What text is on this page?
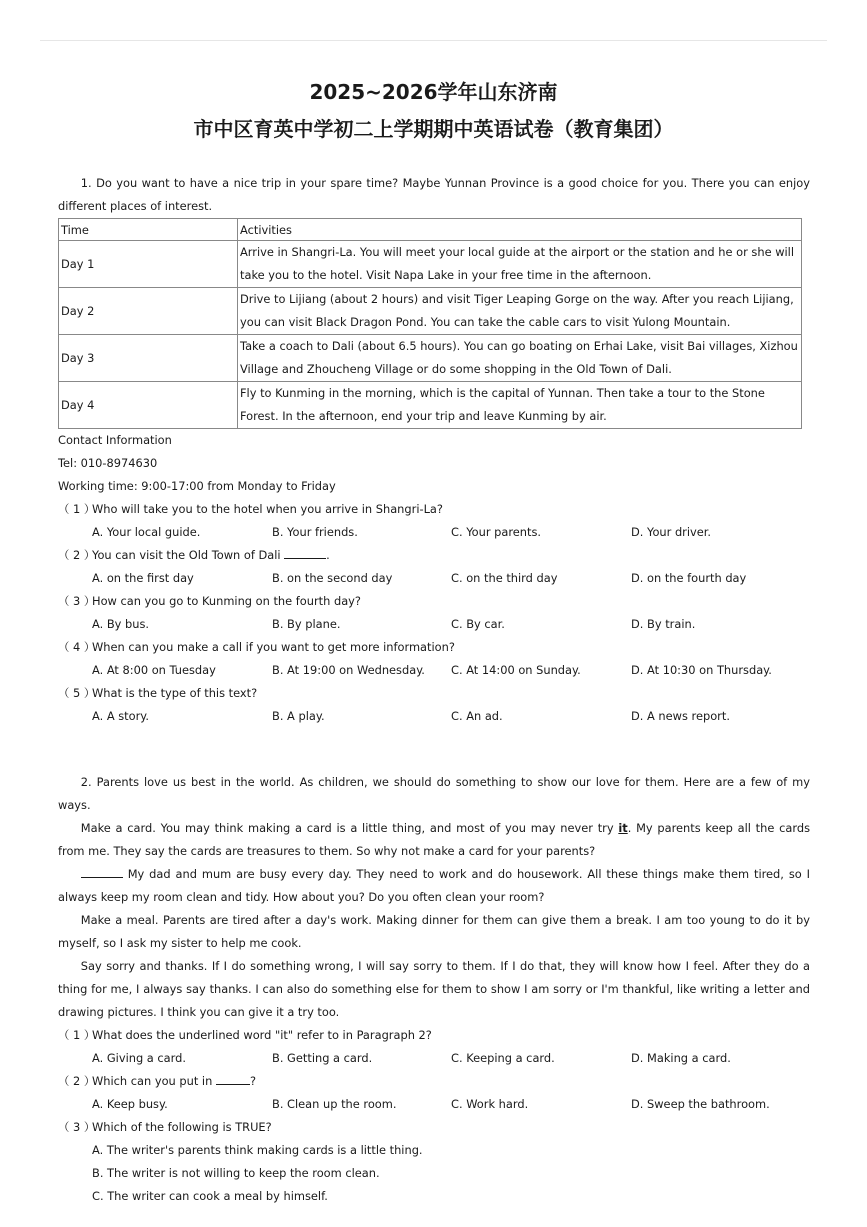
2025~2026学年山东济南
市中区育英中学初二上学期期中英语试卷（教育集团）

1. Do you want to have a nice trip in your spare time? Maybe Yunnan Province is a good choice for you. There you can enjoy different places of interest.

Time	Activities
Day 1	Arrive in Shangri-La. You will meet your local guide at the airport or the station and he or she will take you to the hotel. Visit Napa Lake in your free time in the afternoon.
Day 2	Drive to Lijiang (about 2 hours) and visit Tiger Leaping Gorge on the way. After you reach Lijiang, you can visit Black Dragon Pond. You can take the cable cars to visit Yulong Mountain.
Day 3	Take a coach to Dali (about 6.5 hours). You can go boating on Erhai Lake, visit Bai villages, Xizhou Village and Zhoucheng Village or do some shopping in the Old Town of Dali.
Day 4	Fly to Kunming in the morning, which is the capital of Yunnan. Then take a tour to the Stone Forest. In the afternoon, end your trip and leave Kunming by air.

Contact Information

Tel: 010-8974630

Working time: 9:00-17:00 from Monday to Friday

（ 1 ）Who will take you to the hotel when you arrive in Shangri-La?

A. Your local guide.	B. Your friends.	C. Your parents.	D. Your driver.

（ 2 ）You can visit the Old Town of Dali	.

A. on the first day	B. on the second day	C. on the third day	D. on the fourth day

（ 3 ）How can you go to Kunming on the fourth day?

A. By bus.	B. By plane.	C. By car.	D. By train.

（ 4 ）When can you make a call if you want to get more information?

A. At 8:00 on Tuesday	B. At 19:00 on Wednesday. C. At 14:00 on Sunday.	D. At 10:30 on Thursday.

（ 5 ）What is the type of this text?

A. A story.	B. A play.	C. An ad.	D. A news report.

2. Parents love us best in the world. As children, we should do something to show our love for them. Here are a few of my ways.

Make a card. You may think making a card is a little thing, and most of you may never try it. My parents keep all the cards from me. They say the cards are treasures to them. So why not make a card for your parents?

My dad and mum are busy every day. They need to work and do housework. All these things make them tired, so I always keep my room clean and tidy. How about you? Do you often clean your room?

Make a meal. Parents are tired after a day's work. Making dinner for them can give them a break. I am too young to do it by myself, so I ask my sister to help me cook.

Say sorry and thanks. If I do something wrong, I will say sorry to them. If I do that, they will know how I feel. After they do a thing for me, I always say thanks. I can also do something else for them to show I am sorry or I'm thankful, like writing a letter and drawing pictures. I think you can give it a try too.

（ 1 ）What does the underlined word "it" refer to in Paragraph 2?

A. Giving a card.	B. Getting a card.	C. Keeping a card.	D. Making a card.

（ 2 ）Which can you put in	?

A. Keep busy.	B. Clean up the room.	C. Work hard.	D. Sweep the bathroom.

（ 3 ）Which of the following is TRUE?

A. The writer's parents think making cards is a little thing.

B. The writer is not willing to keep the room clean.

C. The writer can cook a meal by himself.
